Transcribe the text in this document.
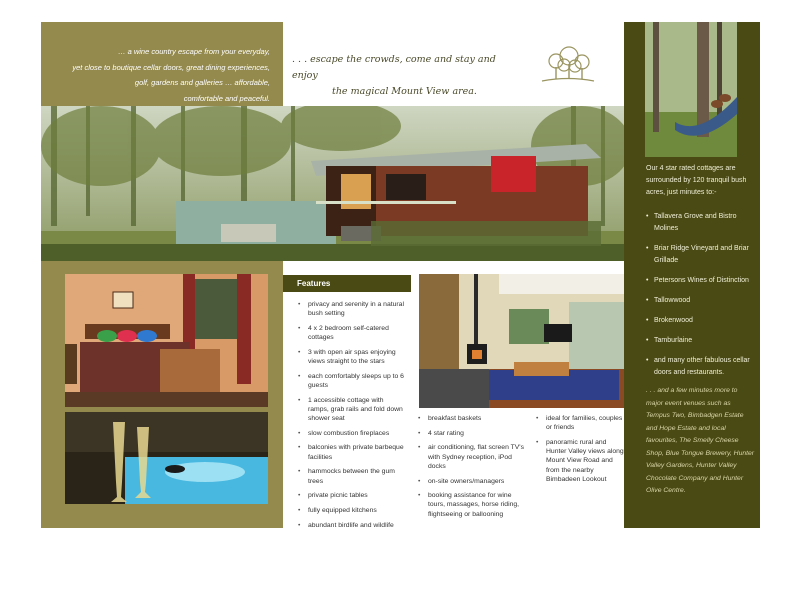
… a wine country escape from your everyday,
yet close to boutique cellar doors, great dining experiences,
golf, gardens and galleries … affordable,
comfortable and peaceful.
. . . escape the crowds, come and stay and enjoy
the magical Mount View area.
Our 4 star rated cottages are surrounded by 120 tranquil bush acres, just minutes to:-
• Tallavera Grove and Bistro Molines
• Briar Ridge Vineyard and Briar Grillade
• Petersons Wines of Distinction
• Tallowwood
• Brokenwood
• Tamburlaine
• and many other fabulous cellar doors and restaurants.
. . . and a few minutes more to major event venues such as Tempus Two, Bimbadgen Estate and Hope Estate and local favourites, The Smelly Cheese Shop, Blue Tongue Brewery, Hunter Valley Gardens, Hunter Valley Chocolate Company and Hunter Olive Centre.
Features
• privacy and serenity in a natural bush setting
• 4 x 2 bedroom self-catered cottages
• 3 with open air spas enjoying views straight to the stars
• each comfortably sleeps up to 6 guests
• 1 accessible cottage with ramps, grab rails and fold down shower seat
• slow combustion fireplaces
• balconies with private barbeque facilities
• hammocks between the gum trees
• private picnic tables
• fully equipped kitchens
• abundant birdlife and wildlife
• breakfast baskets
• 4 star rating
• air conditioning, flat screen TV's with Sydney reception, iPod docks
• on-site owners/managers
• booking assistance for wine tours, massages, horse riding, flightseeing or ballooning
• ideal for families, couples or friends
• panoramic rural and Hunter Valley views along Mount View Road and from the nearby Bimbadeen Lookout
